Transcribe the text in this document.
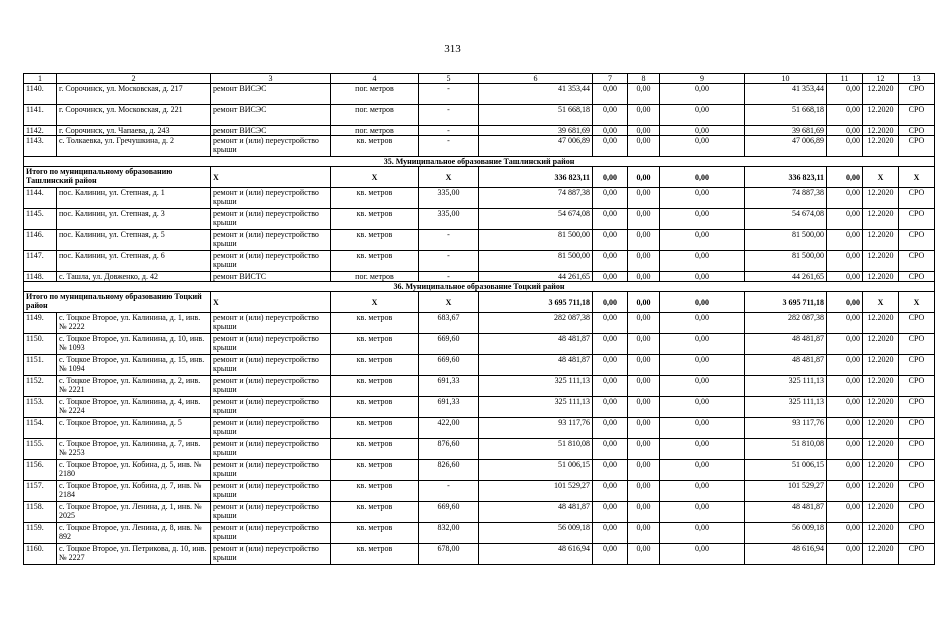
313
1	2	3	4	5	6	7	8	9	10	11	12	13
1140.	г. Сорочинск, ул. Московская, д. 217	ремонт ВИСЭС	пог. метров	-	41 353,44	0,00	0,00	0,00	41 353,44	0,00	12.2020	СРО
1141.	г. Сорочинск, ул. Московская, д. 221	ремонт ВИСЭС	пог. метров	-	51 668,18	0,00	0,00	0,00	51 668,18	0,00	12.2020	СРО
1142.	г. Сорочинск, ул. Чапаева, д. 243	ремонт ВИСЭС	пог. метров	-	39 681,69	0,00	0,00	0,00	39 681,69	0,00	12.2020	СРО
1143.	с. Толкаевка, ул. Гречушкина, д. 2	ремонт и (или) переустройство крыши	кв. метров	-	47 006,89	0,00	0,00	0,00	47 006,89	0,00	12.2020	СРО
35. Муниципальное образование Ташлинский район												
Итого по муниципальному образованию Ташлинский район		Х	Х	Х	336 823,11	0,00	0,00	0,00	336 823,11	0,00	Х	Х
1144.	пос. Калинин, ул. Степная, д. 1	ремонт и (или) переустройство крыши	кв. метров	335,00	74 887,38	0,00	0,00	0,00	74 887,38	0,00	12.2020	СРО
1145.	пос. Калинин, ул. Степная, д. 3	ремонт и (или) переустройство крыши	кв. метров	335,00	54 674,08	0,00	0,00	0,00	54 674,08	0,00	12.2020	СРО
1146.	пос. Калинин, ул. Степная, д. 5	ремонт и (или) переустройство крыши	кв. метров	-	81 500,00	0,00	0,00	0,00	81 500,00	0,00	12.2020	СРО
1147.	пос. Калинин, ул. Степная, д. 6	ремонт и (или) переустройство крыши	кв. метров	-	81 500,00	0,00	0,00	0,00	81 500,00	0,00	12.2020	СРО
1148.	с. Ташла, ул. Довженко, д. 42	ремонт ВИСТС	пог. метров	-	44 261,65	0,00	0,00	0,00	44 261,65	0,00	12.2020	СРО
36. Муниципальное образование Тоцкий район												
Итого по муниципальному образованию Тоцкий район		Х	Х	Х	3 695 711,18	0,00	0,00	0,00	3 695 711,18	0,00	Х	Х
1149.	с. Тоцкое Второе, ул. Калинина, д. 1, инв. № 2222	ремонт и (или) переустройство крыши	кв. метров	683,67	282 087,38	0,00	0,00	0,00	282 087,38	0,00	12.2020	СРО
1150.	с. Тоцкое Второе, ул. Калинина, д. 10, инв. № 1093	ремонт и (или) переустройство крыши	кв. метров	669,60	48 481,87	0,00	0,00	0,00	48 481,87	0,00	12.2020	СРО
1151.	с. Тоцкое Второе, ул. Калинина, д. 15, инв. № 1094	ремонт и (или) переустройство крыши	кв. метров	669,60	48 481,87	0,00	0,00	0,00	48 481,87	0,00	12.2020	СРО
1152.	с. Тоцкое Второе, ул. Калинина, д. 2, инв. № 2221	ремонт и (или) переустройство крыши	кв. метров	691,33	325 111,13	0,00	0,00	0,00	325 111,13	0,00	12.2020	СРО
1153.	с. Тоцкое Второе, ул. Калинина, д. 4, инв. № 2224	ремонт и (или) переустройство крыши	кв. метров	691,33	325 111,13	0,00	0,00	0,00	325 111,13	0,00	12.2020	СРО
1154.	с. Тоцкое Второе, ул. Калинина, д. 5	ремонт и (или) переустройство крыши	кв. метров	422,00	93 117,76	0,00	0,00	0,00	93 117,76	0,00	12.2020	СРО
1155.	с. Тоцкое Второе, ул. Калинина, д. 7, инв. № 2253	ремонт и (или) переустройство крыши	кв. метров	876,60	51 810,08	0,00	0,00	0,00	51 810,08	0,00	12.2020	СРО
1156.	с. Тоцкое Второе, ул. Кобина, д. 5, инв. № 2180	ремонт и (или) переустройство крыши	кв. метров	826,60	51 006,15	0,00	0,00	0,00	51 006,15	0,00	12.2020	СРО
1157.	с. Тоцкое Второе, ул. Кобина, д. 7, инв. № 2184	ремонт и (или) переустройство крыши	кв. метров	-	101 529,27	0,00	0,00	0,00	101 529,27	0,00	12.2020	СРО
1158.	с. Тоцкое Второе, ул. Ленина, д. 1, инв. № 2025	ремонт и (или) переустройство крыши	кв. метров	669,60	48 481,87	0,00	0,00	0,00	48 481,87	0,00	12.2020	СРО
1159.	с. Тоцкое Второе, ул. Ленина, д. 8, инв. № 892	ремонт и (или) переустройство крыши	кв. метров	832,00	56 009,18	0,00	0,00	0,00	56 009,18	0,00	12.2020	СРО
1160.	с. Тоцкое Второе, ул. Петрикова, д. 10, инв. № 2227	ремонт и (или) переустройство крыши	кв. метров	678,00	48 616,94	0,00	0,00	0,00	48 616,94	0,00	12.2020	СРО
